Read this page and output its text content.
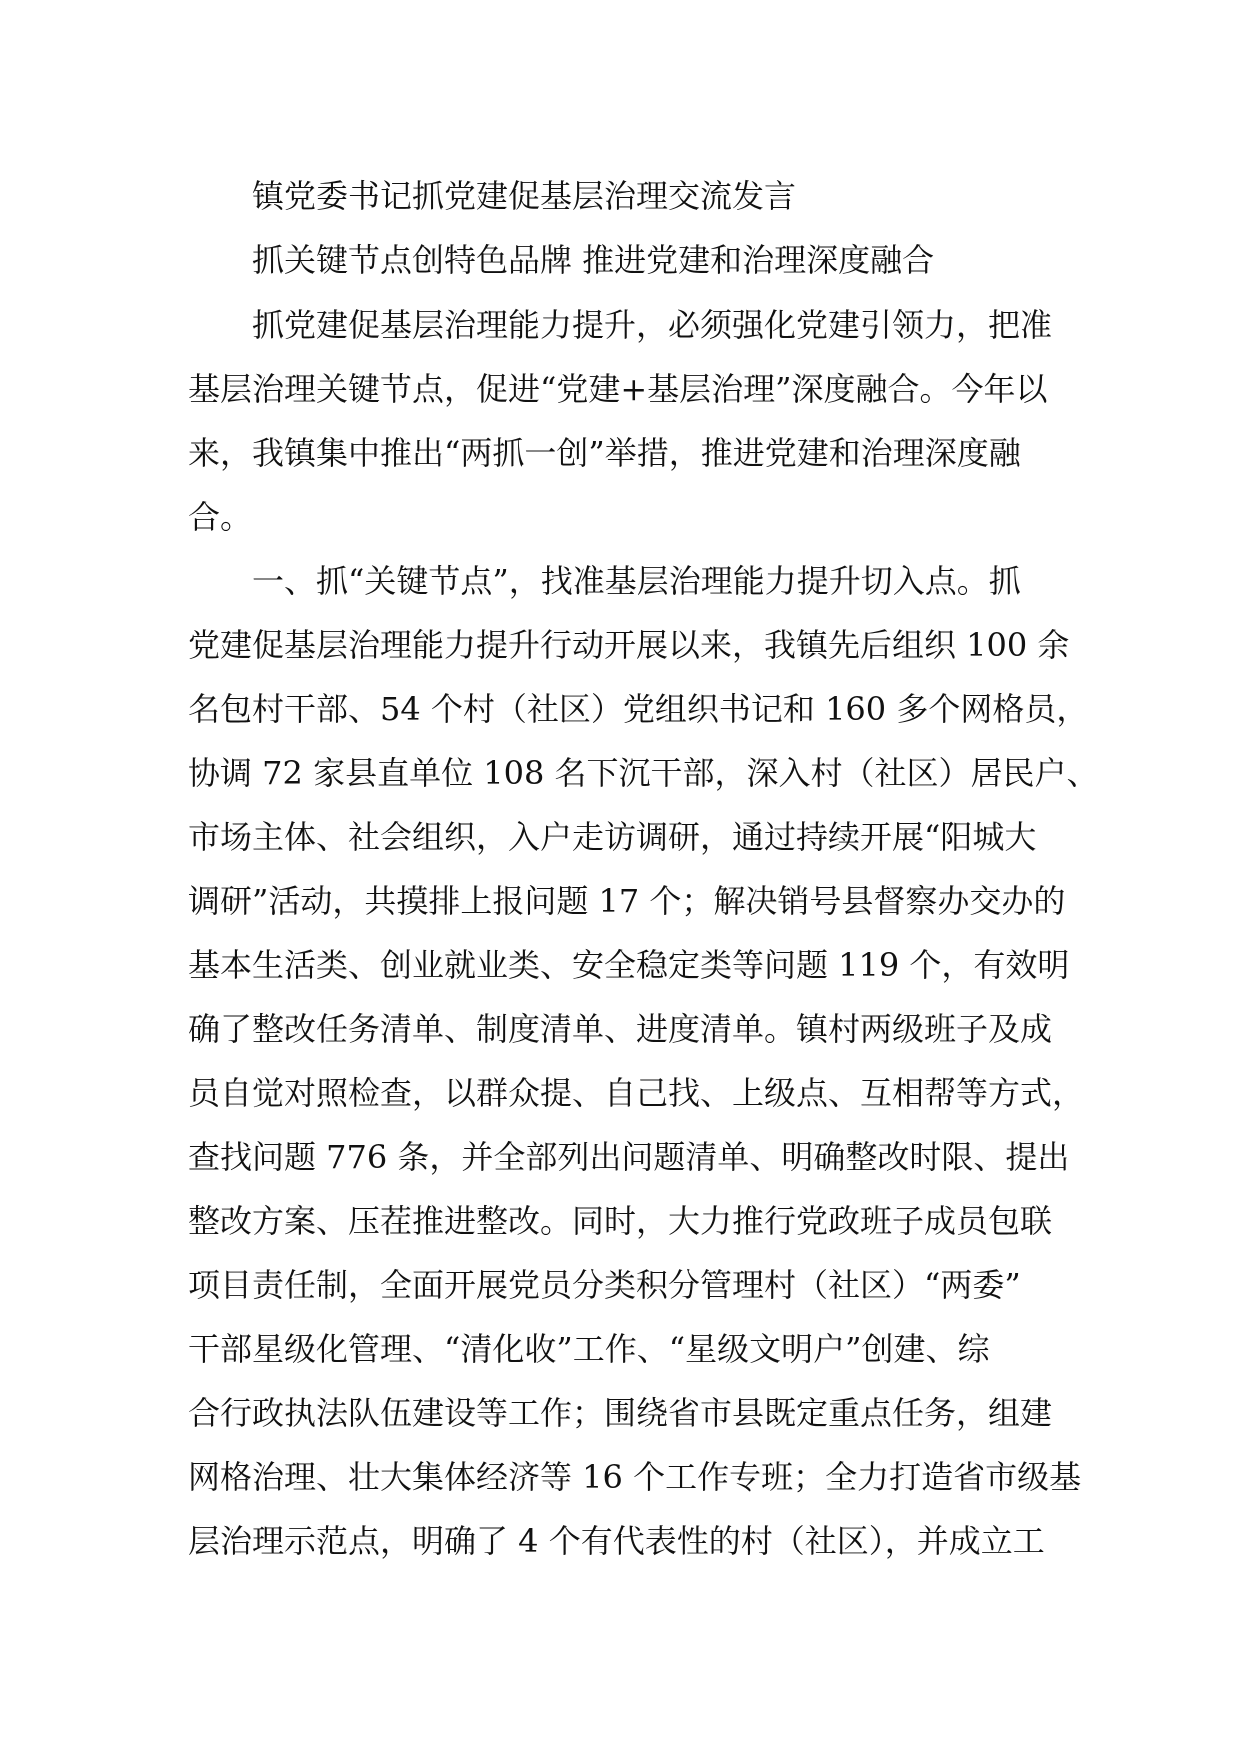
镇党委书记抓党建促基层治理交流发言
抓关键节点创特色品牌 推进党建和治理深度融合
抓党建促基层治理能力提升，必须强化党建引领力，把准
基层治理关键节点，促进“党建+基层治理”深度融合。今年以
来，我镇集中推出“两抓一创”举措，推进党建和治理深度融
合。
一、抓“关键节点”，找准基层治理能力提升切入点。抓
党建促基层治理能力提升行动开展以来，我镇先后组织 100 余
名包村干部、54 个村（社区）党组织书记和 160 多个网格员，
协调 72 家县直单位 108 名下沉干部，深入村（社区）居民户、
市场主体、社会组织，入户走访调研，通过持续开展“阳城大
调研”活动，共摸排上报问题 17 个；解决销号县督察办交办的
基本生活类、创业就业类、安全稳定类等问题 119 个，有效明
确了整改任务清单、制度清单、进度清单。镇村两级班子及成
员自觉对照检查，以群众提、自己找、上级点、互相帮等方式，
查找问题 776 条，并全部列出问题清单、明确整改时限、提出
整改方案、压茬推进整改。同时，大力推行党政班子成员包联
项目责任制，全面开展党员分类积分管理村（社区）“两委”
干部星级化管理、“清化收”工作、“星级文明户”创建、综
合行政执法队伍建设等工作；围绕省市县既定重点任务，组建
网格治理、壮大集体经济等 16 个工作专班；全力打造省市级基
层治理示范点，明确了 4 个有代表性的村（社区），并成立工
